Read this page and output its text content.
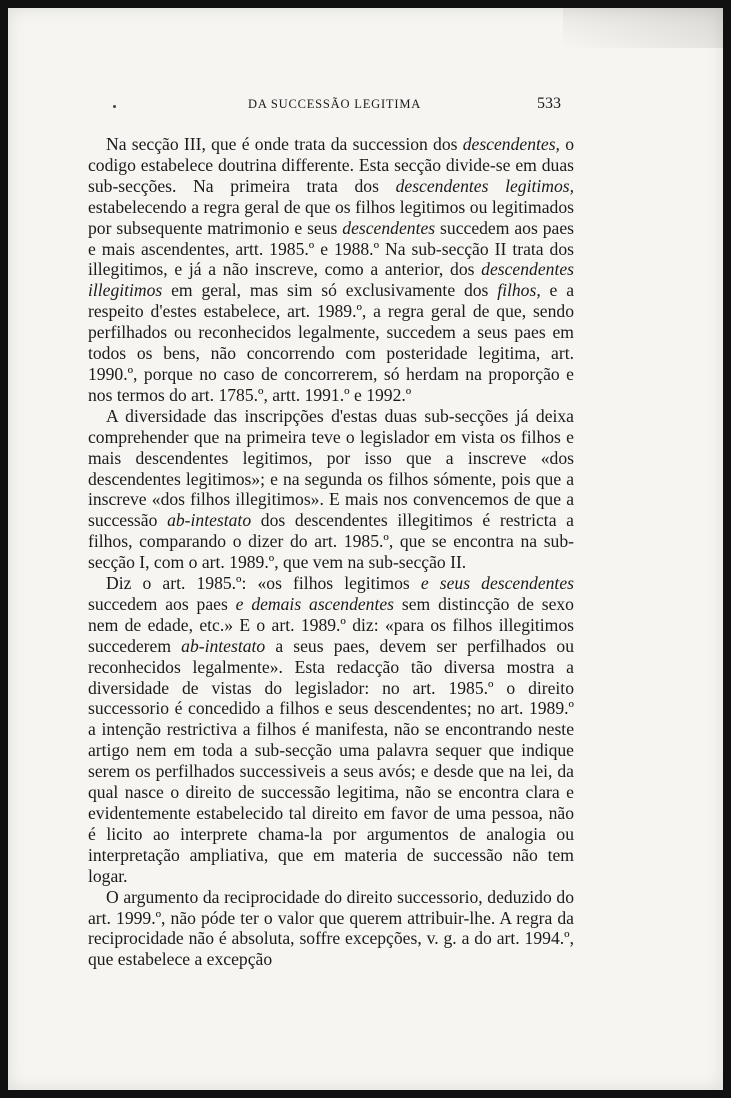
DA SUCCESSÃO LEGITIMA	533

Na secção III, que é onde trata da succession dos descendentes, o codigo estabelece doutrina differente. Esta secção divide-se em duas sub-secções. Na primeira trata dos descendentes legitimos, estabelecendo a regra geral de que os filhos legitimos ou legitimados por subsequente matrimonio e seus descendentes succedem aos paes e mais ascendentes, artt. 1985.º e 1988.º Na sub-secção II trata dos illegitimos, e já a não inscreve, como a anterior, dos descendentes illegitimos em geral, mas sim só exclusivamente dos filhos, e a respeito d'estes estabelece, art. 1989.º, a regra geral de que, sendo perfilhados ou reconhecidos legalmente, succedem a seus paes em todos os bens, não concorrendo com posteridade legitima, art. 1990.º, porque no caso de concorrerem, só herdam na proporção e nos termos do art. 1785.º, artt. 1991.º e 1992.º

A diversidade das inscripções d'estas duas sub-secções já deixa comprehender que na primeira teve o legislador em vista os filhos e mais descendentes legitimos, por isso que a inscreve «dos descendentes legitimos»; e na segunda os filhos sómente, pois que a inscreve «dos filhos illegitimos». E mais nos convencemos de que a successão ab-intestato dos descendentes illegitimos é restricta a filhos, comparando o dizer do art. 1985.º, que se encontra na sub-secção I, com o art. 1989.º, que vem na sub-secção II.

Diz o art. 1985.º: «os filhos legitimos e seus descendentes succedem aos paes e demais ascendentes sem distincção de sexo nem de edade, etc.» E o art. 1989.º diz: «para os filhos illegitimos succederem ab-intestato a seus paes, devem ser perfilhados ou reconhecidos legalmente». Esta redacção tão diversa mostra a diversidade de vistas do legislador: no art. 1985.º o direito successorio é concedido a filhos e seus descendentes; no art. 1989.º a intenção restrictiva a filhos é manifesta, não se encontrando neste artigo nem em toda a sub-secção uma palavra sequer que indique serem os perfilhados successiveis a seus avós; e desde que na lei, da qual nasce o direito de successão legitima, não se encontra clara e evidentemente estabelecido tal direito em favor de uma pessoa, não é licito ao interprete chama-la por argumentos de analogia ou interpretação ampliativa, que em materia de successão não tem logar.

O argumento da reciprocidade do direito successorio, deduzido do art. 1999.º, não póde ter o valor que querem attribuir-lhe. A regra da reciprocidade não é absoluta, soffre excepções, v. g. a do art. 1994.º, que estabelece a excepção
